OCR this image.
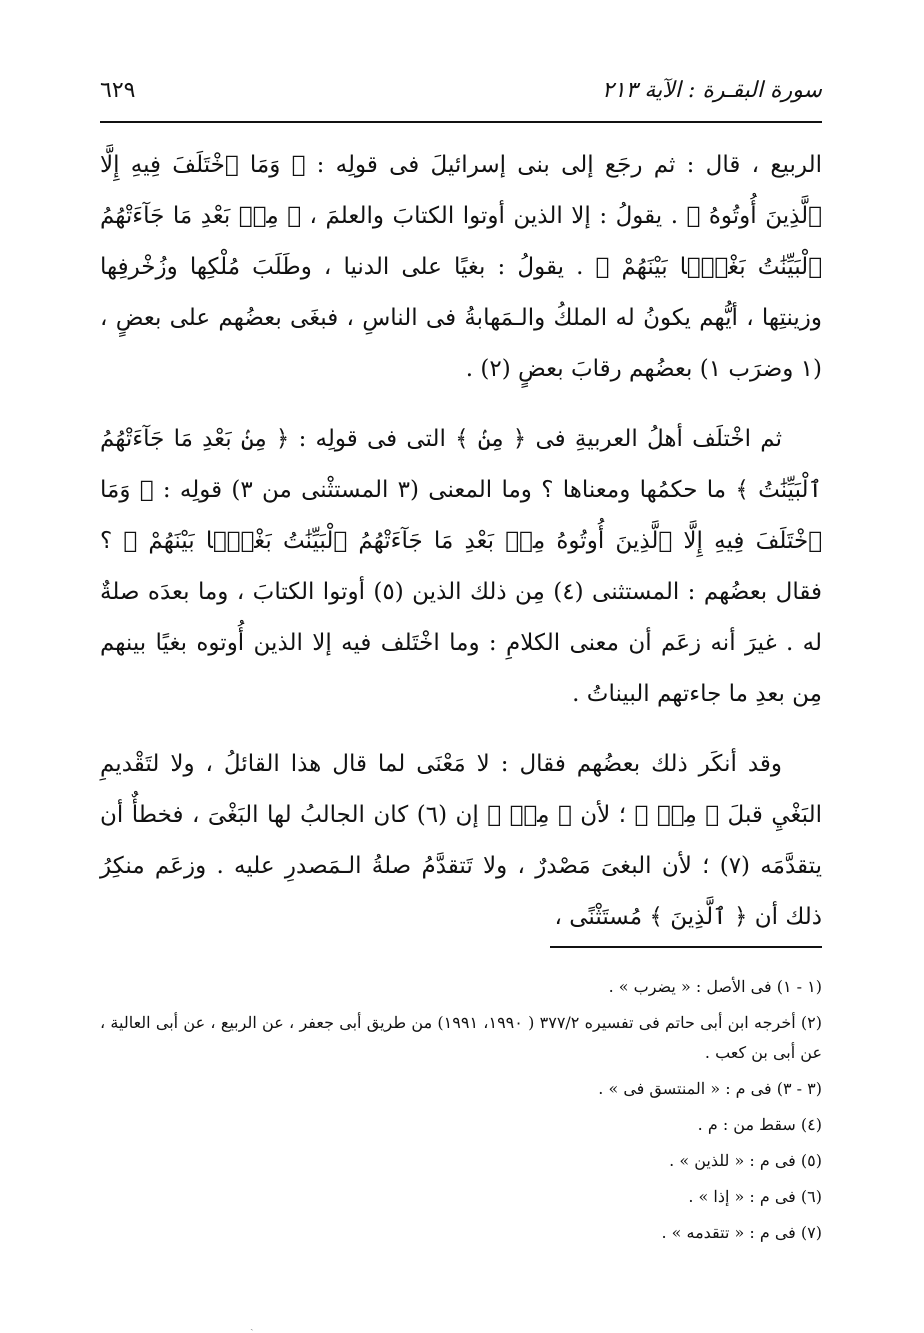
سورة البقـرة : الآية ٢١٣
٦٢٩

الربيع ، قال : ثم رجَع إلى بنى إسرائيلَ فى قولِه : ﴿ وَمَا ٱخْتَلَفَ فِيهِ إِلَّا ٱلَّذِينَ أُوتُوهُ ﴾ . يقولُ : إلا الذين أوتوا الكتابَ والعلمَ ، ﴿ مِنۢ بَعْدِ مَا جَآءَتْهُمُ ٱلْبَيِّنَٰتُ بَغْيًۢا بَيْنَهُمْ ﴾ . يقولُ : بغيًا على الدنيا ، وطَلَبَ مُلْكِها وزُخْرفِها وزينتِها ، أيُّهم يكونُ له الملكُ والـمَهابةُ فى الناسِ ، فبغَى بعضُهم على بعضٍ ، (١ وضرَب ١) بعضُهم رقابَ بعضٍ (٢) .

ثم اخْتلَف أهلُ العربيةِ فى ﴿ مِنۢ ﴾ التى فى قولِه : ﴿ مِنۢ بَعْدِ مَا جَآءَتْهُمُ ٱلْبَيِّنَٰتُ ﴾ ما حكمُها ومعناها ؟ وما المعنى (٣ المستثْنى من ٣) قولِه : ﴿ وَمَا ٱخْتَلَفَ فِيهِ إِلَّا ٱلَّذِينَ أُوتُوهُ مِنۢ بَعْدِ مَا جَآءَتْهُمُ ٱلْبَيِّنَٰتُ بَغْيًۢا بَيْنَهُمْ ﴾ ؟ فقال بعضُهم : المستثنى (٤) مِن ذلك الذين (٥) أوتوا الكتابَ ، وما بعدَه صلةٌ له . غيرَ أنه زعَم أن معنى الكلامِ : وما اخْتَلف فيه إلا الذين أُوتوه بغيًا بينهم مِن بعدِ ما جاءتهم البيناتُ .

وقد أنكَر ذلك بعضُهم فقال : لا مَعْنَى لما قال هذا القائلُ ، ولا لتَقْديمِ البَغْيِ قبلَ ﴿ مِنۢ ﴾ ؛ لأن ﴿ مِنۢ ﴾ إن (٦) كان الجالبُ لها البَغْىَ ، فخطأٌ أن يتقدَّمَه (٧) ؛ لأن البغىَ مَصْدرٌ ، ولا تَتقدَّمُ صلةُ الـمَصدرِ عليه . وزعَم منكِرُ ذلك أن ﴿ ٱلَّذِينَ ﴾ مُستَثْنًى ،

(١ - ١) فى الأصل : « يضرب » .

(٢) أخرجه ابن أبى حاتم فى تفسيره ٣٧٧/٢ ( ١٩٩٠، ١٩٩١) من طريق أبى جعفر ، عن الربيع ، عن أبى العالية ، عن أبى بن كعب .

(٣ - ٣) فى م : « المنتسق فى » .

(٤) سقط من : م .

(٥) فى م : « للذين » .

(٦) فى م : « إذا » .

(٧) فى م : « تتقدمه » .

ˏ
